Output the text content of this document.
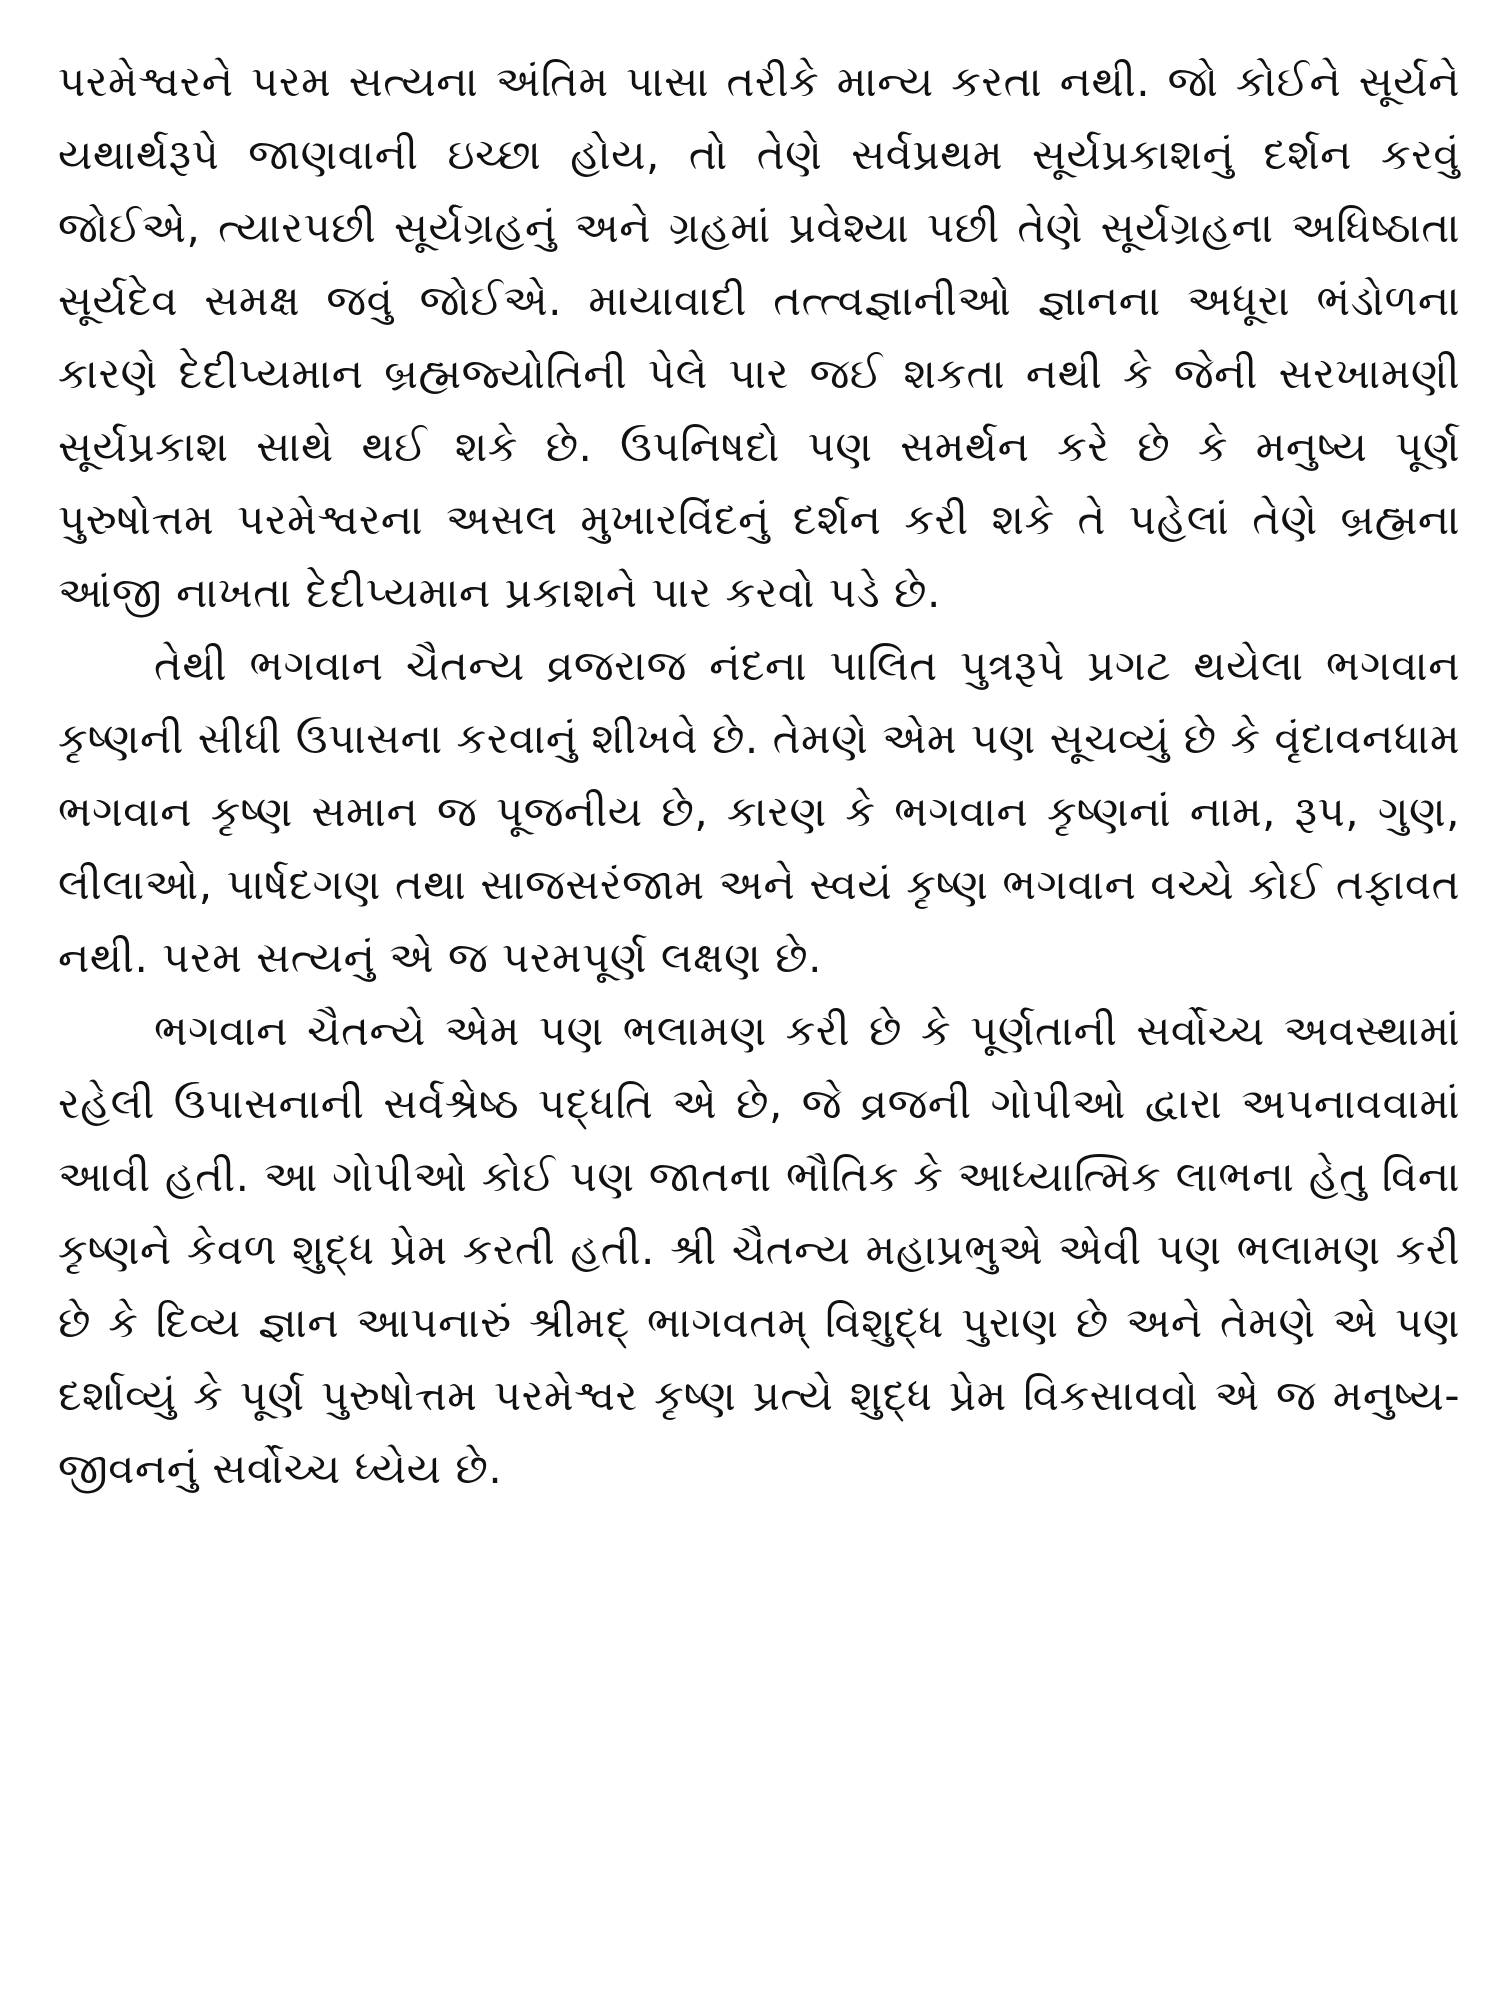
પરમેશ્વરને પરમ સત્યના અંતિમ પાસા તરીકે માન્ય કરતા નથી. જો કોઈને સૂર્યને યથાર્થરૂપે જાણવાની ઇચ્છા હોય, તો તેણે સર્વપ્રથમ સૂર્યપ્રકાશનું દર્શન કરવું જોઈએ, ત્યારપછી સૂર્યગ્રહનું અને ગ્રહમાં પ્રવેશ્યા પછી તેણે સૂર્યગ્રહના અધિષ્ઠાતા સૂર્યદેવ સમક્ષ જવું જોઈએ. માયાવાદી તત્ત્વજ્ઞાનીઓ જ્ઞાનના અધૂરા ભંડોળના કારણે દેદીપ્યમાન બ્રહ્મજ્યોતિની પેલે પાર જઈ શકતા નથી કે જેની સરખામણી સૂર્યપ્રકાશ સાથે થઈ શકે છે. ઉપનિષદો પણ સમર્થન કરે છે કે મનુષ્ય પૂર્ણ પુરુષોત્તમ પરમેશ્વરના અસલ મુખારવિંદનું દર્શન કરી શકે તે પહેલાં તેણે બ્રહ્મના આંજી નાખતા દેદીપ્યમાન પ્રકાશને પાર કરવો પડે છે.

તેથી ભગવાન ચૈતન્ય વ્રજરાજ નંદના પાલિત પુત્રરૂપે પ્રગટ થયેલા ભગવાન કૃષ્ણની સીધી ઉપાસના કરવાનું શીખવે છે. તેમણે એમ પણ સૂચવ્યું છે કે વૃંદાવનધામ ભગવાન કૃષ્ણ સમાન જ પૂજનીય છે, કારણ કે ભગવાન કૃષ્ણનાં નામ, રૂપ, ગુણ, લીલાઓ, પાર્ષદગણ તથા સાજસરંજામ અને સ્વયં કૃષ્ણ ભગવાન વચ્ચે કોઈ તફાવત નથી. પરમ સત્યનું એ જ પરમપૂર્ણ લક્ષણ છે.

ભગવાન ચૈતન્યે એમ પણ ભલામણ કરી છે કે પૂર્ણતાની સર્વોચ્ચ અવસ્થામાં રહેલી ઉપાસનાની સર્વશ્રેષ્ઠ પદ્ધતિ એ છે, જે વ્રજની ગોપીઓ દ્વારા અપનાવવામાં આવી હતી. આ ગોપીઓ કોઈ પણ જાતના ભૌતિક કે આધ્યાત્મિક લાભના હેતુ વિના કૃષ્ણને કેવળ શુદ્ધ પ્રેમ કરતી હતી. શ્રી ચૈતન્ય મહાપ્રભુએ એવી પણ ભલામણ કરી છે કે દિવ્ય જ્ઞાન આપનારું શ્રીમદ્ ભાગવતમ્ વિશુદ્ધ પુરાણ છે અને તેમણે એ પણ દર્શાવ્યું કે પૂર્ણ પુરુષોત્તમ પરમેશ્વર કૃષ્ણ પ્રત્યે શુદ્ધ પ્રેમ વિકસાવવો એ જ મનુષ્ય-જીવનનું સર્વોચ્ચ ધ્યેય છે.
